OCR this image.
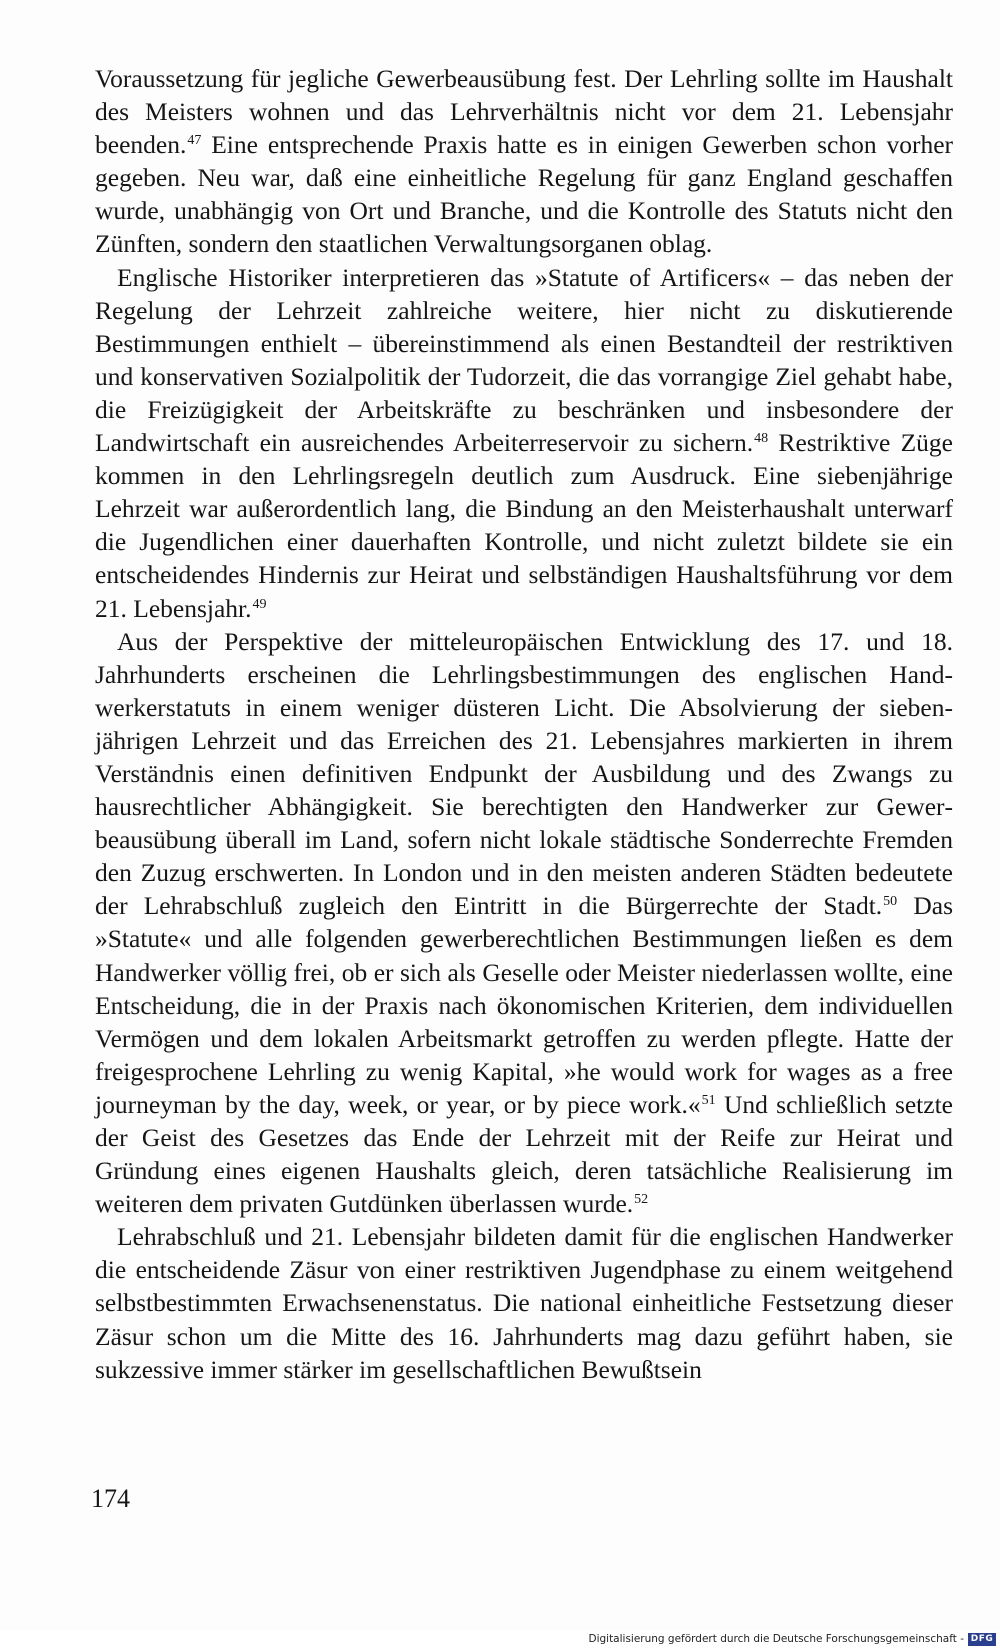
Voraussetzung für jegliche Gewerbeausübung fest. Der Lehrling sollte im Haushalt des Meisters wohnen und das Lehrverhältnis nicht vor dem 21. Lebensjahr beenden.$^{47}$ Eine entsprechende Praxis hatte es in einigen Gewerben schon vorher gegeben. Neu war, daß eine einheitliche Regelung für ganz England geschaffen wurde, unabhängig von Ort und Branche, und die Kontrolle des Statuts nicht den Zünften, sondern den staatlichen Verwaltungsorganen oblag.

Englische Historiker interpretieren das »Statute of Artificers« – das neben der Regelung der Lehrzeit zahlreiche weitere, hier nicht zu diskutierende Bestimmungen enthielt – übereinstimmend als einen Bestandteil der restriktiven und konservativen Sozialpolitik der Tudorzeit, die das vorrangige Ziel gehabt habe, die Freizügigkeit der Arbeitskräfte zu beschränken und insbesondere der Landwirtschaft ein ausreichendes Arbeiterreservoir zu sichern.$^{48}$ Restriktive Züge kommen in den Lehrlingsregeln deutlich zum Ausdruck. Eine siebenjährige Lehrzeit war außerordentlich lang, die Bindung an den Meisterhaushalt unterwarf die Jugendlichen einer dauerhaften Kontrolle, und nicht zuletzt bildete sie ein entscheidendes Hindernis zur Heirat und selbständigen Haushaltsführung vor dem 21. Lebensjahr.$^{49}$

Aus der Perspektive der mitteleuropäischen Entwicklung des 17. und 18. Jahrhunderts erscheinen die Lehrlingsbestimmungen des englischen Handwerkerstatuts in einem weniger düsteren Licht. Die Absolvierung der siebenjährigen Lehrzeit und das Erreichen des 21. Lebensjahres markierten in ihrem Verständnis einen definitiven Endpunkt der Ausbildung und des Zwangs zu hausrechtlicher Abhängigkeit. Sie berechtigten den Handwerker zur Gewerbeausübung überall im Land, sofern nicht lokale städtische Sonderrechte Fremden den Zuzug erschwerten. In London und in den meisten anderen Städten bedeutete der Lehrabschluß zugleich den Eintritt in die Bürgerrechte der Stadt.$^{50}$ Das »Statute« und alle folgenden gewerberechtlichen Bestimmungen ließen es dem Handwerker völlig frei, ob er sich als Geselle oder Meister niederlassen wollte, eine Entscheidung, die in der Praxis nach ökonomischen Kriterien, dem individuellen Vermögen und dem lokalen Arbeitsmarkt getroffen zu werden pflegte. Hatte der freigesprochene Lehrling zu wenig Kapital, »he would work for wages as a free journeyman by the day, week, or year, or by piece work.«$^{51}$ Und schließlich setzte der Geist des Gesetzes das Ende der Lehrzeit mit der Reife zur Heirat und Gründung eines eigenen Haushalts gleich, deren tatsächliche Realisierung im weiteren dem privaten Gutdünken überlassen wurde.$^{52}$

Lehrabschluß und 21. Lebensjahr bildeten damit für die englischen Handwerker die entscheidende Zäsur von einer restriktiven Jugendphase zu einem weitgehend selbstbestimmten Erwachsenenstatus. Die national einheitliche Festsetzung dieser Zäsur schon um die Mitte des 16. Jahrhunderts mag dazu geführt haben, sie sukzessive immer stärker im gesellschaftlichen Bewußtsein

174
Digitalisierung gefördert durch die Deutsche Forschungsgemeinschaft - DFG
